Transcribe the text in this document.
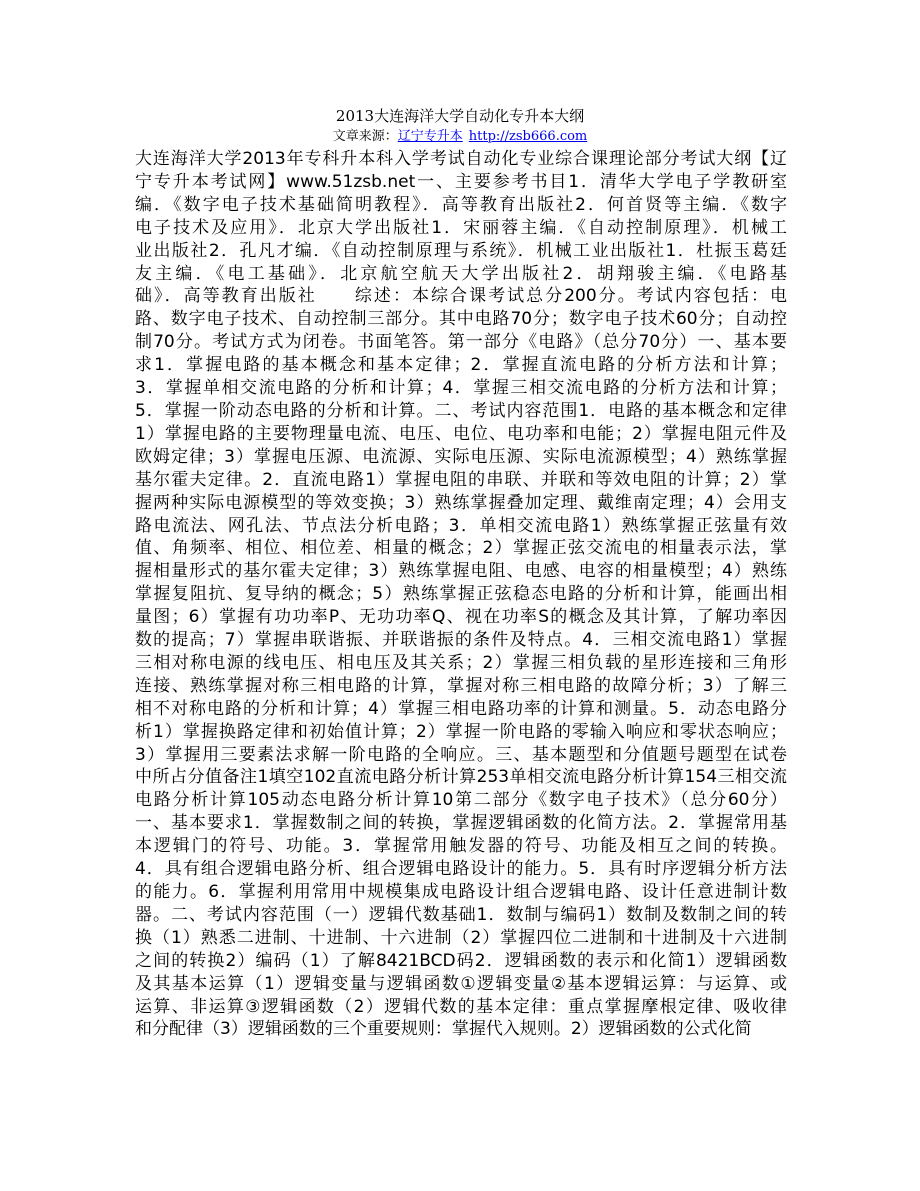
2013大连海洋大学自动化专升本大纲
文章来源：辽宁专升本 http://zsb666.com

大连海洋大学2013年专科升本科入学考试自动化专业综合课理论部分考试大纲【辽

宁专升本考试网】www.51zsb.net一、主要参考书目1．清华大学电子学教研室

编．《数字电子技术基础简明教程》．高等教育出版社2．何首贤等主编．《数字

电子技术及应用》．北京大学出版社1．宋丽蓉主编．《自动控制原理》．机械工

业出版社2．孔凡才编．《自动控制原理与系统》．机械工业出版社1．杜振玉葛廷

友主编．《电工基础》．北京航空航天大学出版社2．胡翔骏主编．《电路基

础》．高等教育出版社　　综述：本综合课考试总分200分。考试内容包括：电

路、数字电子技术、自动控制三部分。其中电路70分；数字电子技术60分；自动控

制70分。考试方式为闭卷。书面笔答。第一部分《电路》（总分70分）一、基本要

求1．掌握电路的基本概念和基本定律；2．掌握直流电路的分析方法和计算；

3．掌握单相交流电路的分析和计算；4．掌握三相交流电路的分析方法和计算；

5．掌握一阶动态电路的分析和计算。二、考试内容范围1．电路的基本概念和定律

1）掌握电路的主要物理量电流、电压、电位、电功率和电能；2）掌握电阻元件及

欧姆定律；3）掌握电压源、电流源、实际电压源、实际电流源模型；4）熟练掌握

基尔霍夫定律。2．直流电路1）掌握电阻的串联、并联和等效电阻的计算；2）掌

握两种实际电源模型的等效变换；3）熟练掌握叠加定理、戴维南定理；4）会用支

路电流法、网孔法、节点法分析电路；3．单相交流电路1）熟练掌握正弦量有效

值、角频率、相位、相位差、相量的概念；2）掌握正弦交流电的相量表示法，掌

握相量形式的基尔霍夫定律；3）熟练掌握电阻、电感、电容的相量模型；4）熟练

掌握复阻抗、复导纳的概念；5）熟练掌握正弦稳态电路的分析和计算，能画出相

量图；6）掌握有功功率P、无功功率Q、视在功率S的概念及其计算，了解功率因

数的提高；7）掌握串联谐振、并联谐振的条件及特点。4．三相交流电路1）掌握

三相对称电源的线电压、相电压及其关系；2）掌握三相负载的星形连接和三角形

连接、熟练掌握对称三相电路的计算，掌握对称三相电路的故障分析；3）了解三

相不对称电路的分析和计算；4）掌握三相电路功率的计算和测量。5．动态电路分

析1）掌握换路定律和初始值计算；2）掌握一阶电路的零输入响应和零状态响应；

3）掌握用三要素法求解一阶电路的全响应。三、基本题型和分值题号题型在试卷

中所占分值备注1填空102直流电路分析计算253单相交流电路分析计算154三相交流

电路分析计算105动态电路分析计算10第二部分《数字电子技术》（总分60分）

一、基本要求1．掌握数制之间的转换，掌握逻辑函数的化简方法。2．掌握常用基

本逻辑门的符号、功能。3．掌握常用触发器的符号、功能及相互之间的转换。

4．具有组合逻辑电路分析、组合逻辑电路设计的能力。5．具有时序逻辑分析方法

的能力。6．掌握利用常用中规模集成电路设计组合逻辑电路、设计任意进制计数

器。二、考试内容范围（一）逻辑代数基础1．数制与编码1）数制及数制之间的转

换（1）熟悉二进制、十进制、十六进制（2）掌握四位二进制和十进制及十六进制

之间的转换2）编码（1）了解8421BCD码2．逻辑函数的表示和化简1）逻辑函数

及其基本运算（1）逻辑变量与逻辑函数①逻辑变量②基本逻辑运算：与运算、或

运算、非运算③逻辑函数（2）逻辑代数的基本定律：重点掌握摩根定律、吸收律

和分配律（3）逻辑函数的三个重要规则：掌握代入规则。2）逻辑函数的公式化简
